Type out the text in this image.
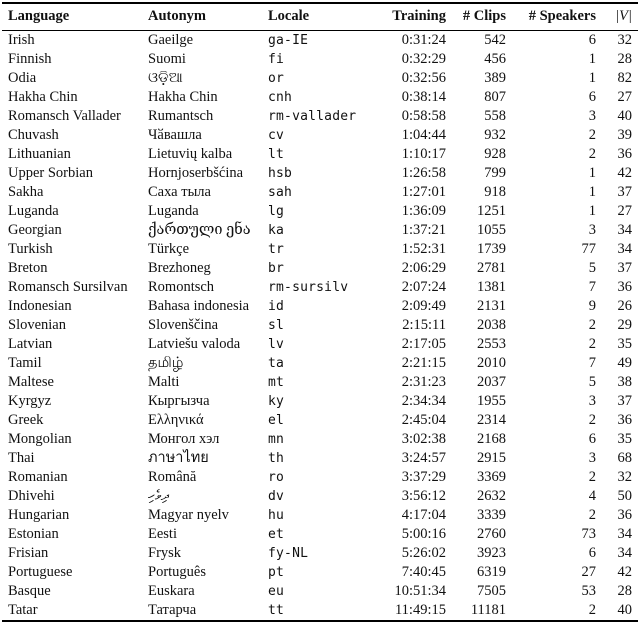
Language	Autonym	Locale	Training	# Clips	# Speakers	|V|
Irish	Gaeilge	ga-IE	0:31:24	542	6	32
Finnish	Suomi	fi	0:32:29	456	1	28
Odia	ଓଡ଼ିଆ	or	0:32:56	389	1	82
Hakha Chin	Hakha Chin	cnh	0:38:14	807	6	27
Romansch Vallader	Rumantsch	rm-vallader	0:58:58	558	3	40
Chuvash	Чӑвашла	cv	1:04:44	932	2	39
Lithuanian	Lietuvių kalba	lt	1:10:17	928	2	36
Upper Sorbian	Hornjoserbšćina	hsb	1:26:58	799	1	42
Sakha	Саха тыла	sah	1:27:01	918	1	37
Luganda	Luganda	lg	1:36:09	1251	1	27
Georgian	ქართული ენა	ka	1:37:21	1055	3	34
Turkish	Türkçe	tr	1:52:31	1739	77	34
Breton	Brezhoneg	br	2:06:29	2781	5	37
Romansch Sursilvan	Romontsch	rm-sursilv	2:07:24	1381	7	36
Indonesian	Bahasa indonesia	id	2:09:49	2131	9	26
Slovenian	Slovenščina	sl	2:15:11	2038	2	29
Latvian	Latviešu valoda	lv	2:17:05	2553	2	35
Tamil	தமிழ்	ta	2:21:15	2010	7	49
Maltese	Malti	mt	2:31:23	2037	5	38
Kyrgyz	Кыргызча	ky	2:34:34	1955	3	37
Greek	Ελληνικά	el	2:45:04	2314	2	36
Mongolian	Монгол хэл	mn	3:02:38	2168	6	35
Thai	ภาษาไทย	th	3:24:57	2915	3	68
Romanian	Română	ro	3:37:29	3369	2	32
Dhivehi	ދިވެހި	dv	3:56:12	2632	4	50
Hungarian	Magyar nyelv	hu	4:17:04	3339	2	36
Estonian	Eesti	et	5:00:16	2760	73	34
Frisian	Frysk	fy-NL	5:26:02	3923	6	34
Portuguese	Português	pt	7:40:45	6319	27	42
Basque	Euskara	eu	10:51:34	7505	53	28
Tatar	Татарча	tt	11:49:15	11181	2	40
